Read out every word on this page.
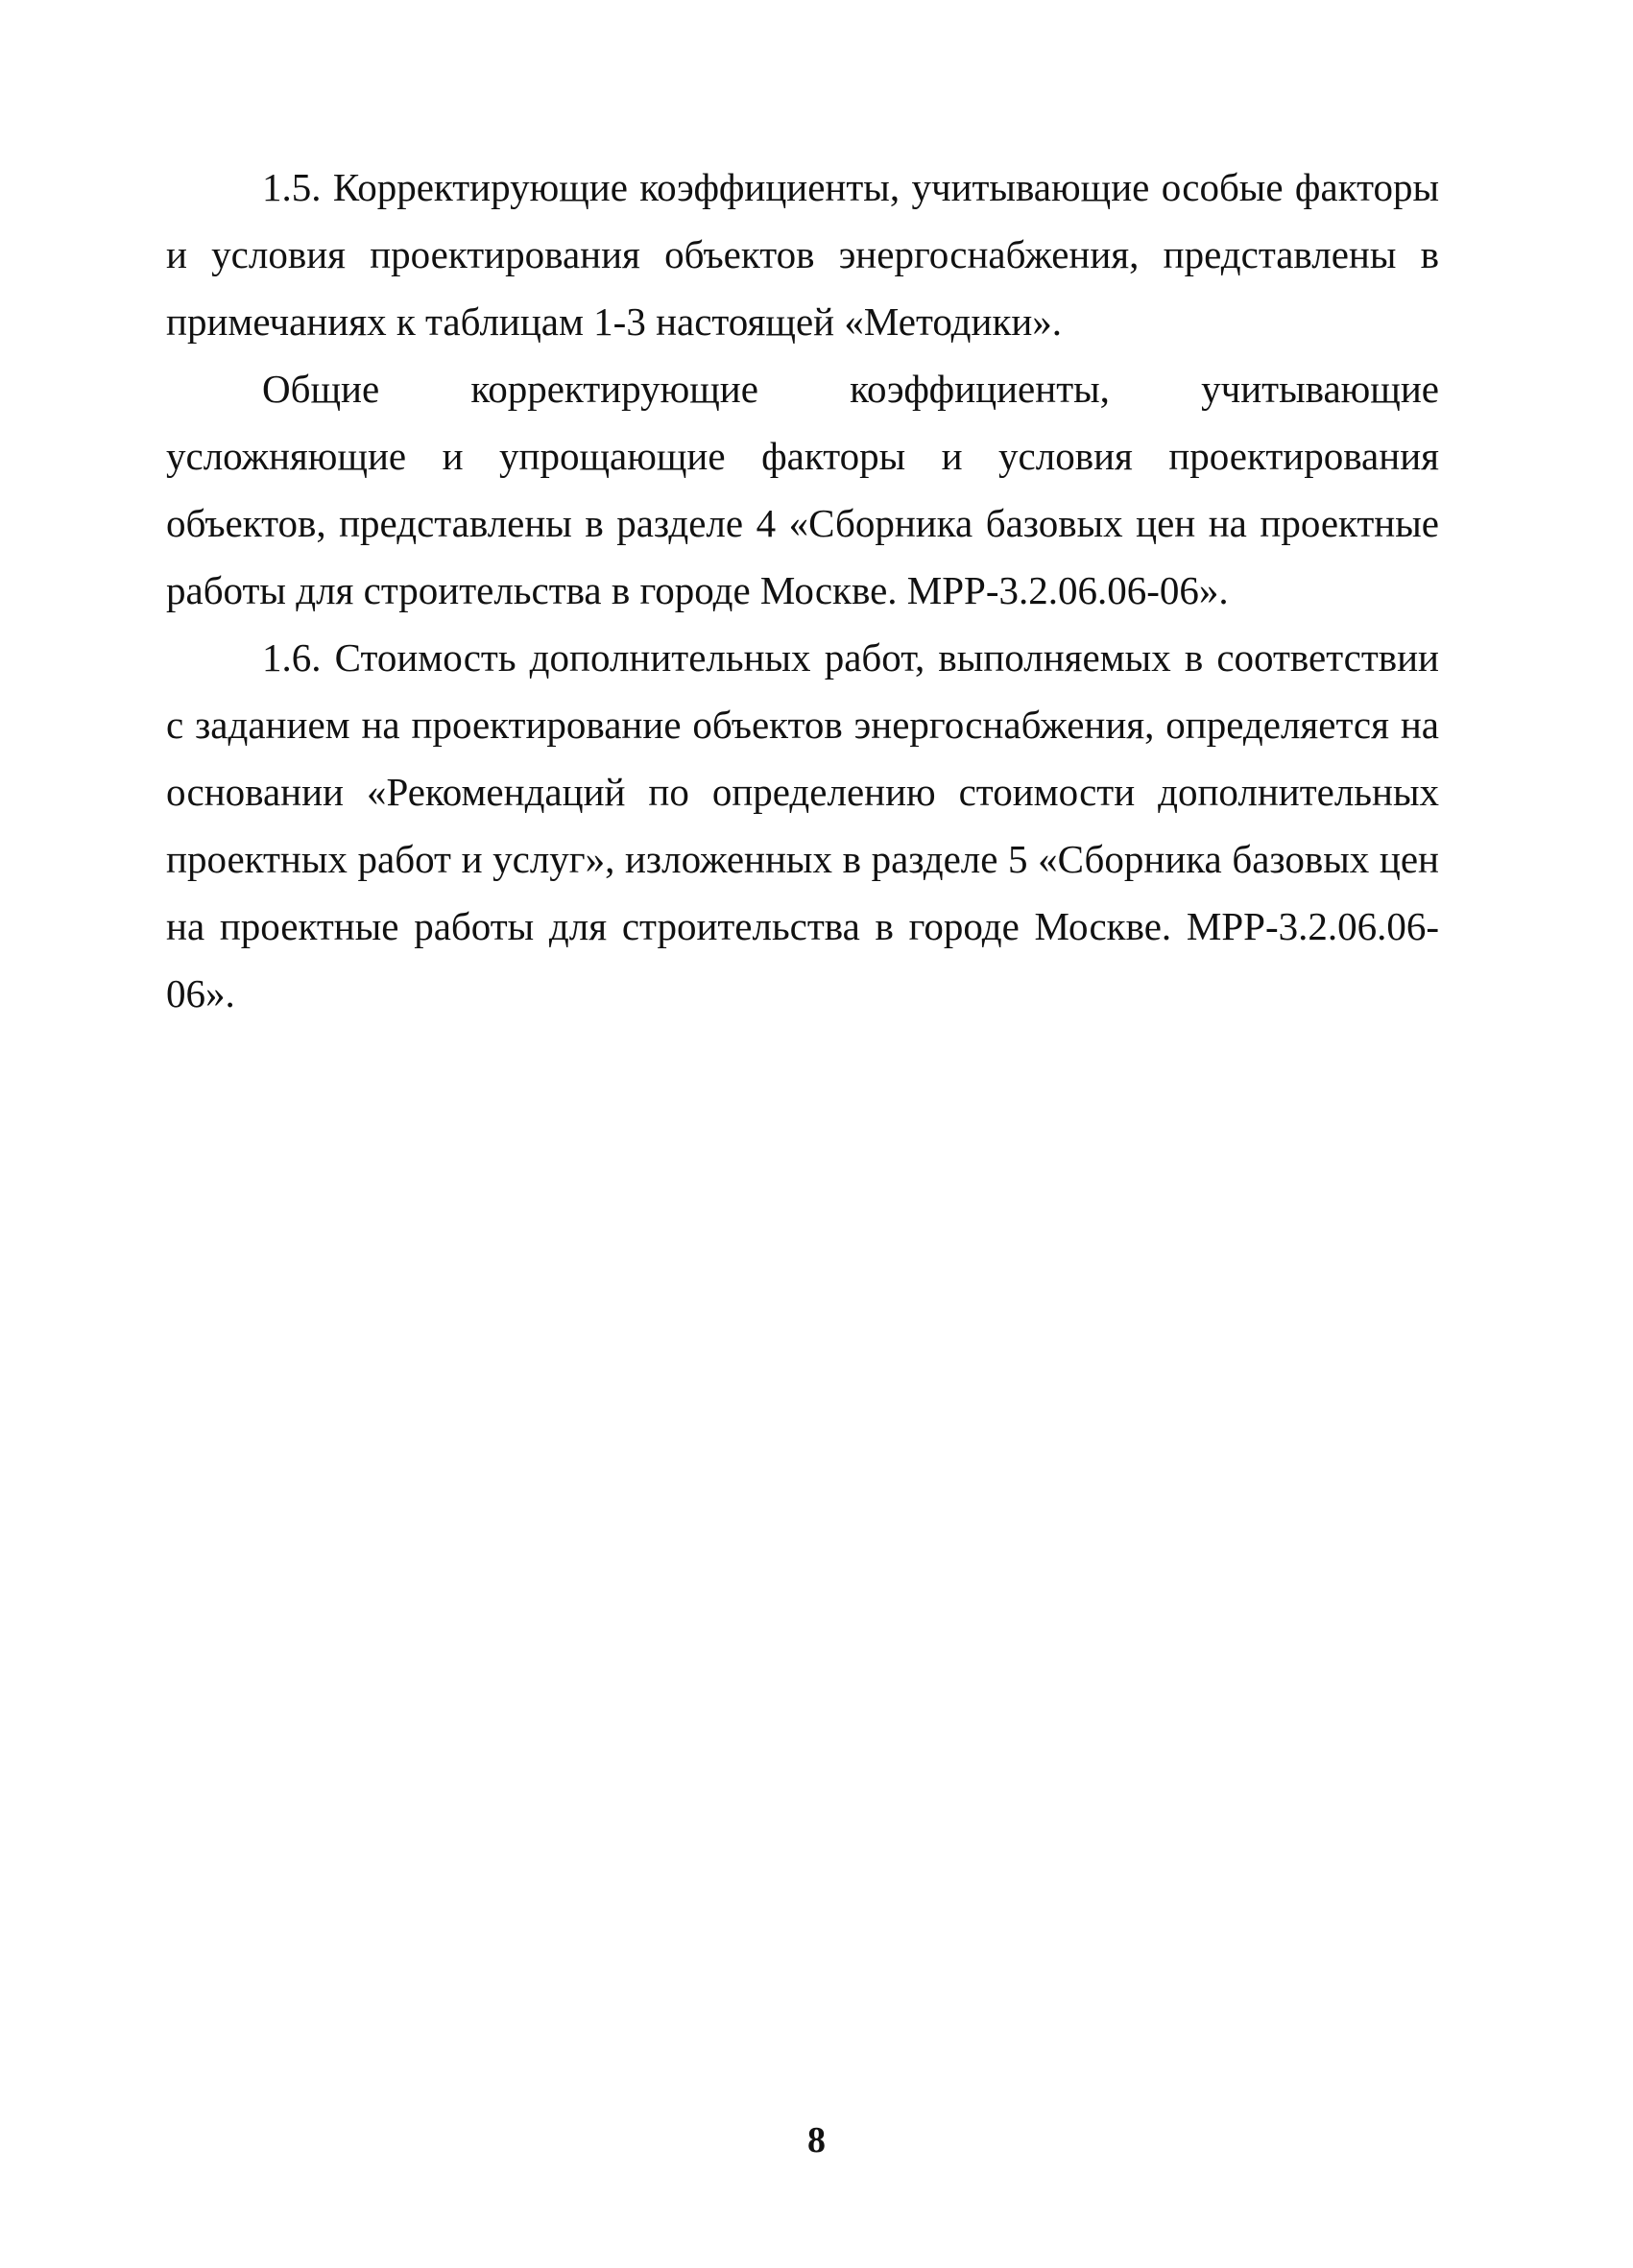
1.5. Корректирующие коэффициенты, учитывающие особые факторы и условия проектирования объектов энергоснабжения, представлены в примечаниях к таблицам 1-3 настоящей «Методики».

Общие корректирующие коэффициенты, учитывающие усложняющие и упрощающие факторы и условия проектирования объектов, представлены в разделе 4 «Сборника базовых цен на проектные работы для строительства в городе Москве. МРР-3.2.06.06-06».

1.6. Стоимость дополнительных работ, выполняемых в соответствии с заданием на проектирование объектов энергоснабжения, определяется на основании «Рекомендаций по определению стоимости дополнительных проектных работ и услуг», изложенных в разделе 5 «Сборника базовых цен на проектные работы для строительства в городе Москве. МРР-3.2.06.06-06».

8
